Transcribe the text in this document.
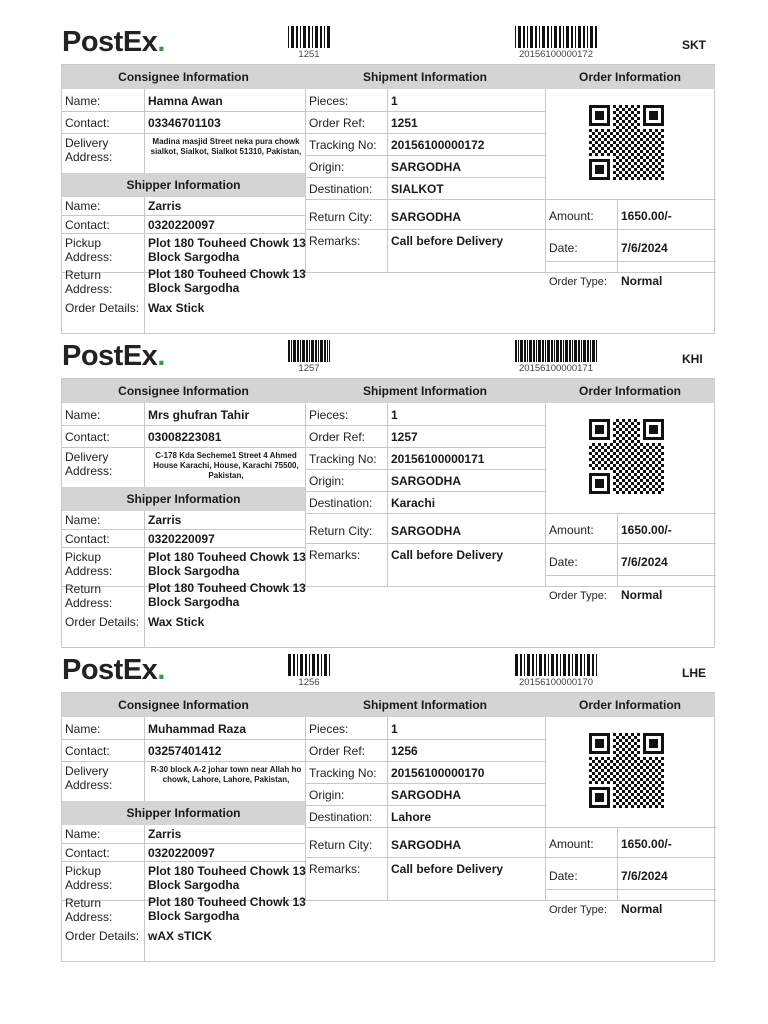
PostEx.	1251	20156100000172
SKT
Consignee Information	Shipment Information	Order Information
Name:	Hamna Awan
Contact:	03346701103
Delivery
Address:
Madina masjid Street neka pura chowk sialkot, Sialkot, Sialkot 51310, Pakistan,
Shipper Information
Name:	Zarris
Contact:	0320220097
Pickup
Address:
Plot 180 Touheed Chowk 13 Block Sargodha
Return
Address:
Plot 180 Touheed Chowk 13 Block Sargodha
Order Details: Wax Stick
Pieces:	1
Order Ref: 1251
Tracking No: 20156100000172
Origin:	SARGODHA
Destination: SIALKOT
Return City: SARGODHA
Remarks:	Call before Delivery
Amount: 1650.00/-
Date:	7/6/2024
Order Type: Normal
PostEx.	1257	20156100000171
KHI
Consignee Information	Shipment Information	Order Information
Name:	Mrs ghufran Tahir
Contact:	03008223081
Delivery
Address:
C-178 Kda Secheme1 Street 4 Ahmed House Karachi, House, Karachi 75500, Pakistan,
Shipper Information
Name:	Zarris
Contact:	0320220097
Pickup
Address:
Plot 180 Touheed Chowk 13 Block Sargodha
Return
Address:
Plot 180 Touheed Chowk 13 Block Sargodha
Order Details: Wax Stick
Pieces:	1
Order Ref: 1257
Tracking No: 20156100000171
Origin:	SARGODHA
Destination: Karachi
Return City: SARGODHA
Remarks:	Call before Delivery
Amount: 1650.00/-
Date:	7/6/2024
Order Type: Normal
PostEx.	1256	20156100000170
LHE
Consignee Information	Shipment Information	Order Information
Name:	Muhammad Raza
Contact:	03257401412
Delivery
Address:
R-30 block A-2 johar town near Allah ho chowk, Lahore, Lahore, Pakistan,
Shipper Information
Name:	Zarris
Contact:	0320220097
Pickup
Address:
Plot 180 Touheed Chowk 13 Block Sargodha
Return
Address:
Plot 180 Touheed Chowk 13 Block Sargodha
Order Details: wAX sTICK
Pieces:	1
Order Ref: 1256
Tracking No: 20156100000170
Origin:	SARGODHA
Destination: Lahore
Return City: SARGODHA
Remarks:	Call before Delivery
Amount: 1650.00/-
Date:	7/6/2024
Order Type: Normal
